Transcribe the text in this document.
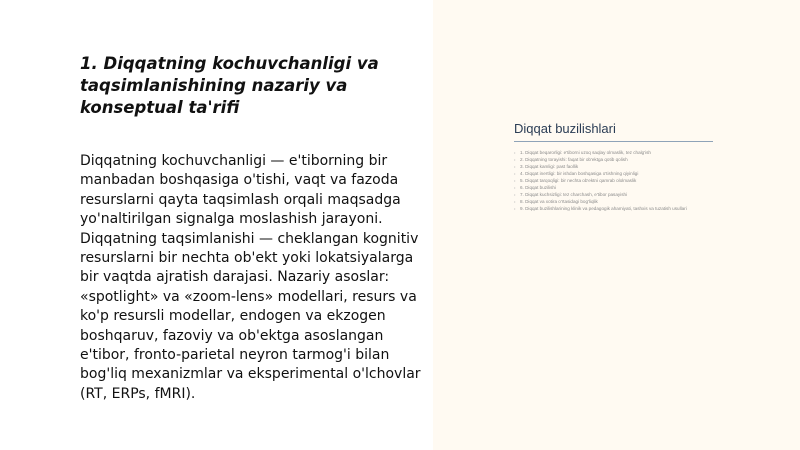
1. Diqqatning kochuvchanligi va taqsimlanishining nazariy va konseptual ta'rifi

Diqqatning kochuvchanligi — e'tiborning bir manbadan boshqasiga o'tishi, vaqt va fazoda resurslarni qayta taqsimlash orqali maqsadga yo'naltirilgan signalga moslashish jarayoni. Diqqatning taqsimlanishi — cheklangan kognitiv resurslarni bir nechta ob'ekt yoki lokatsiyalarga bir vaqtda ajratish darajasi. Nazariy asoslar: «spotlight» va «zoom-lens» modellari, resurs va ko'p resursli modellar, endogen va ekzogen boshqaruv, fazoviy va ob'ektga asoslangan e'tibor, fronto-parietal neyron tarmog'i bilan bog'liq mexanizmlar va eksperimental o'lchovlar (RT, ERPs, fMRI).

Diqqat buzilishlari
• 1. Diqqat beqarorligi: e'tiborni uzoq saqlay olmaslik, tez chalg'ish
• 2. Diqqatning torayishi: faqat bir ob'ektga qotib qolish
• 3. Diqqat kamligi: past faollik
• 4. Diqqat inertligi: bir ishdan boshqasiga o'tishning qiyinligi
• 5. Diqqat tarqoqligi: bir nechta ob'ektni qamrab ololmaslik
• 6. Diqqat buzilishi
• 7. Diqqat kuchsizligi: tez charchash, e'tibor pasayishi
• 8. Diqqat va xotira o'rtasidagi bog'liqlik
• 9. Diqqat buzilishlarining klinik va pedagogik ahamiyati, tashxis va tuzatish usullari
